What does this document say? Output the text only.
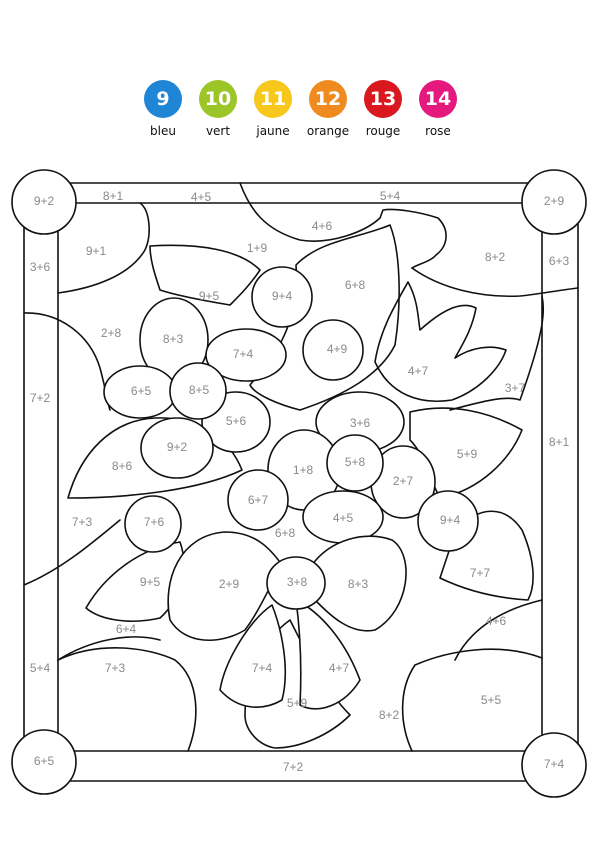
9
bleu
10
vert
11
jaune
12
orange
13
rouge
14
rose
9+2	2+9
6+5	7+4
8+1	4+5	5+4
3+6
7+2
5+4
6+3
8+1
7+2
9+1	1+9
4+6
8+2
2+8
9+5	9+4
6+8
8+3
7+4	4+9
4+7
3+7
6+5	8+5
5+6
9+2
3+6
8+6	1+8
5+8
5+9
2+7
6+7
4+5
7+3	7+6
6+8
9+4
2+9	3+8	8+3
7+7
9+5
6+4
4+6
7+3	7+4	4+7
5+9
8+2
5+5
